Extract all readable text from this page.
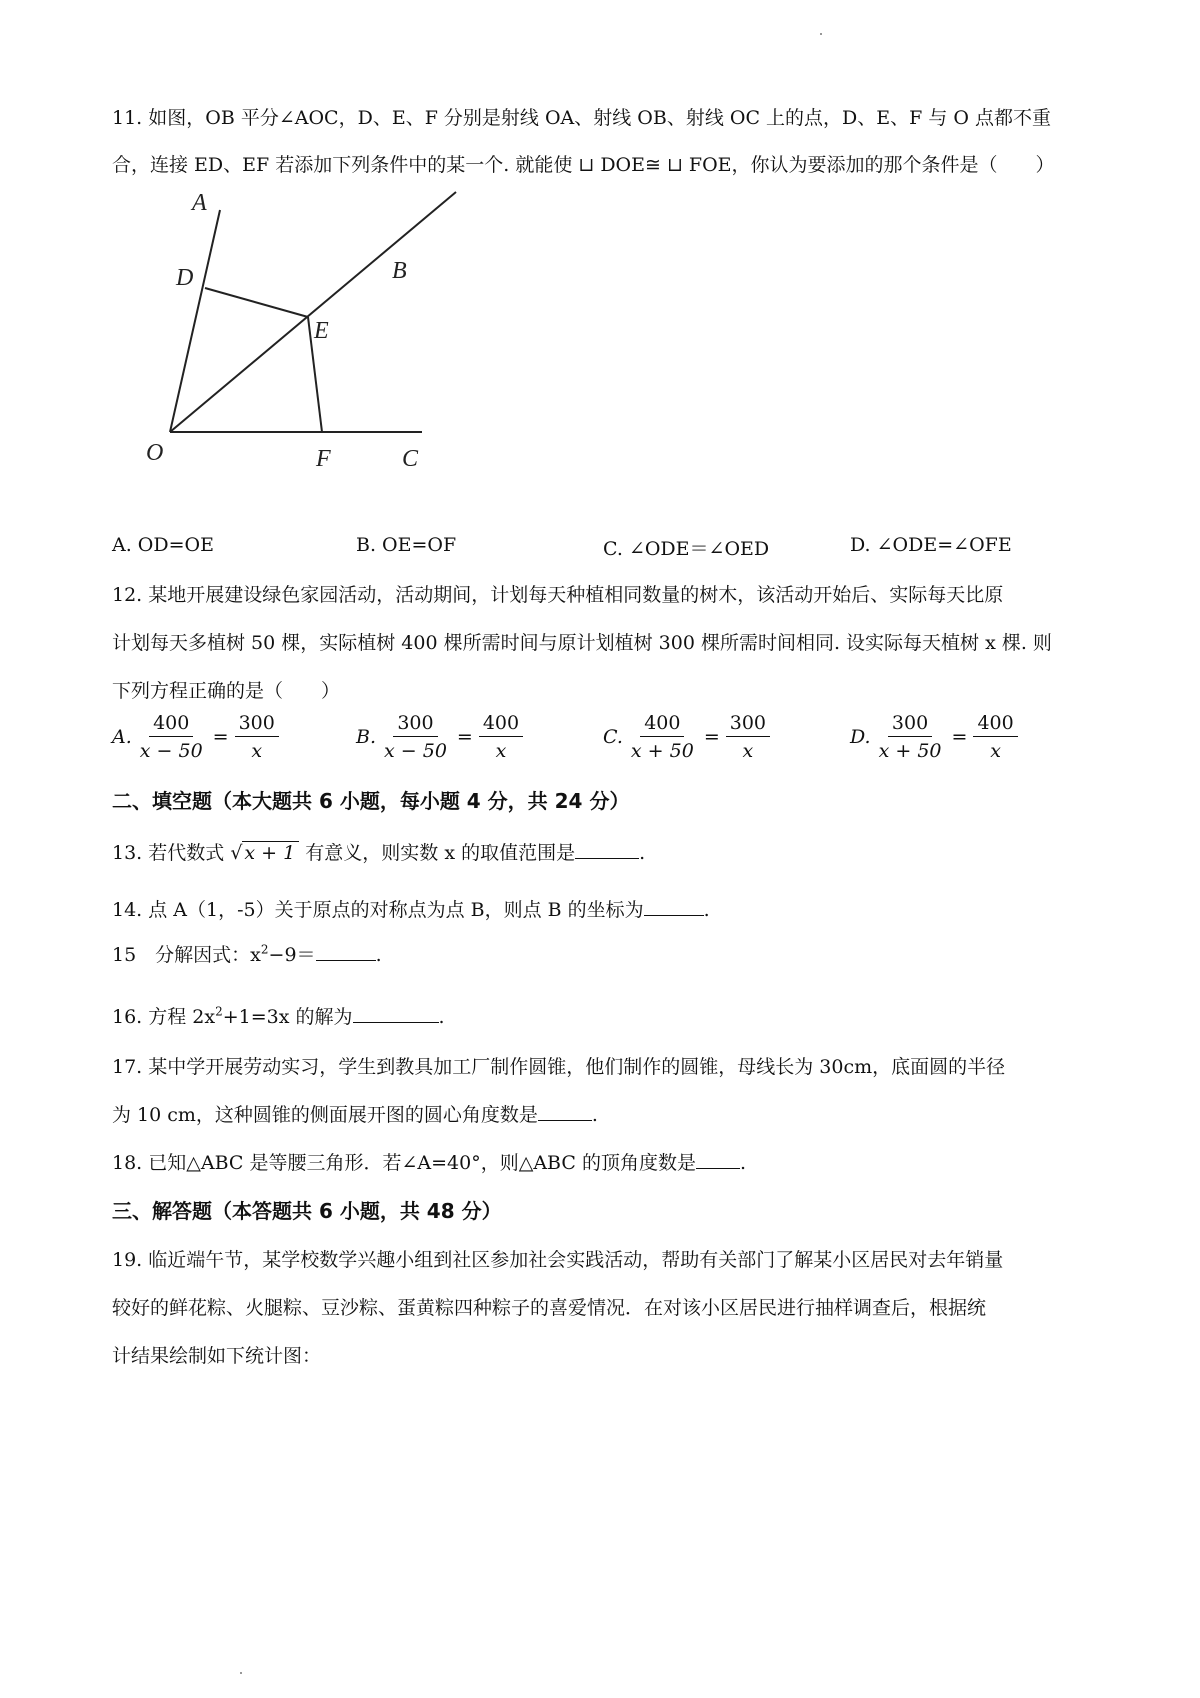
11. 如图，OB 平分∠AOC，D、E、F 分别是射线 OA、射线 OB、射线 OC 上的点，D、E、F 与 O 点都不重
合，连接 ED、EF 若添加下列条件中的某一个. 就能使 ⊔ DOE≅ ⊔ FOE，你认为要添加的那个条件是（　　）
A
D	B
E
O	F	C
A. OD=OE	B. OE=OF	C. ∠ODE＝∠OED	D. ∠ODE=∠OFE
12. 某地开展建设绿色家园活动，活动期间，计划每天种植相同数量的树木，该活动开始后、实际每天比原
计划每天多植树 50 棵，实际植树 400 棵所需时间与原计划植树 300 棵所需时间相同. 设实际每天植树 x 棵. 则
下列方程正确的是（　　）
A. $\frac{400}{x - 50} = \frac{300}{x}$	B. $\frac{300}{x - 50} = \frac{400}{x}$	C. $\frac{400}{x + 50} = \frac{300}{x}$	D. $\frac{300}{x + 50} = \frac{400}{x}$
二、填空题（本大题共 6 小题，每小题 4 分，共 24 分）
13. 若代数式 √ x + 1 有意义，则实数 x 的取值范围是	.
14. 点 A（1，-5）关于原点的对称点为点 B，则点 B 的坐标为	.
15　分解因式：$x^2-9=$	.
16. 方程 $2x^2+1=3x$ 的解为	.
17. 某中学开展劳动实习，学生到教具加工厂制作圆锥，他们制作的圆锥，母线长为 30cm，底面圆的半径
为 10 cm，这种圆锥的侧面展开图的圆心角度数是	.
18. 已知△ABC 是等腰三角形．若∠A=40°，则△ABC 的顶角度数是 .
三、解答题（本答题共 6 小题，共 48 分）
19. 临近端午节，某学校数学兴趣小组到社区参加社会实践活动，帮助有关部门了解某小区居民对去年销量
较好的鲜花粽、火腿粽、豆沙粽、蛋黄粽四种粽子的喜爱情况．在对该小区居民进行抽样调查后，根据统
计结果绘制如下统计图：
